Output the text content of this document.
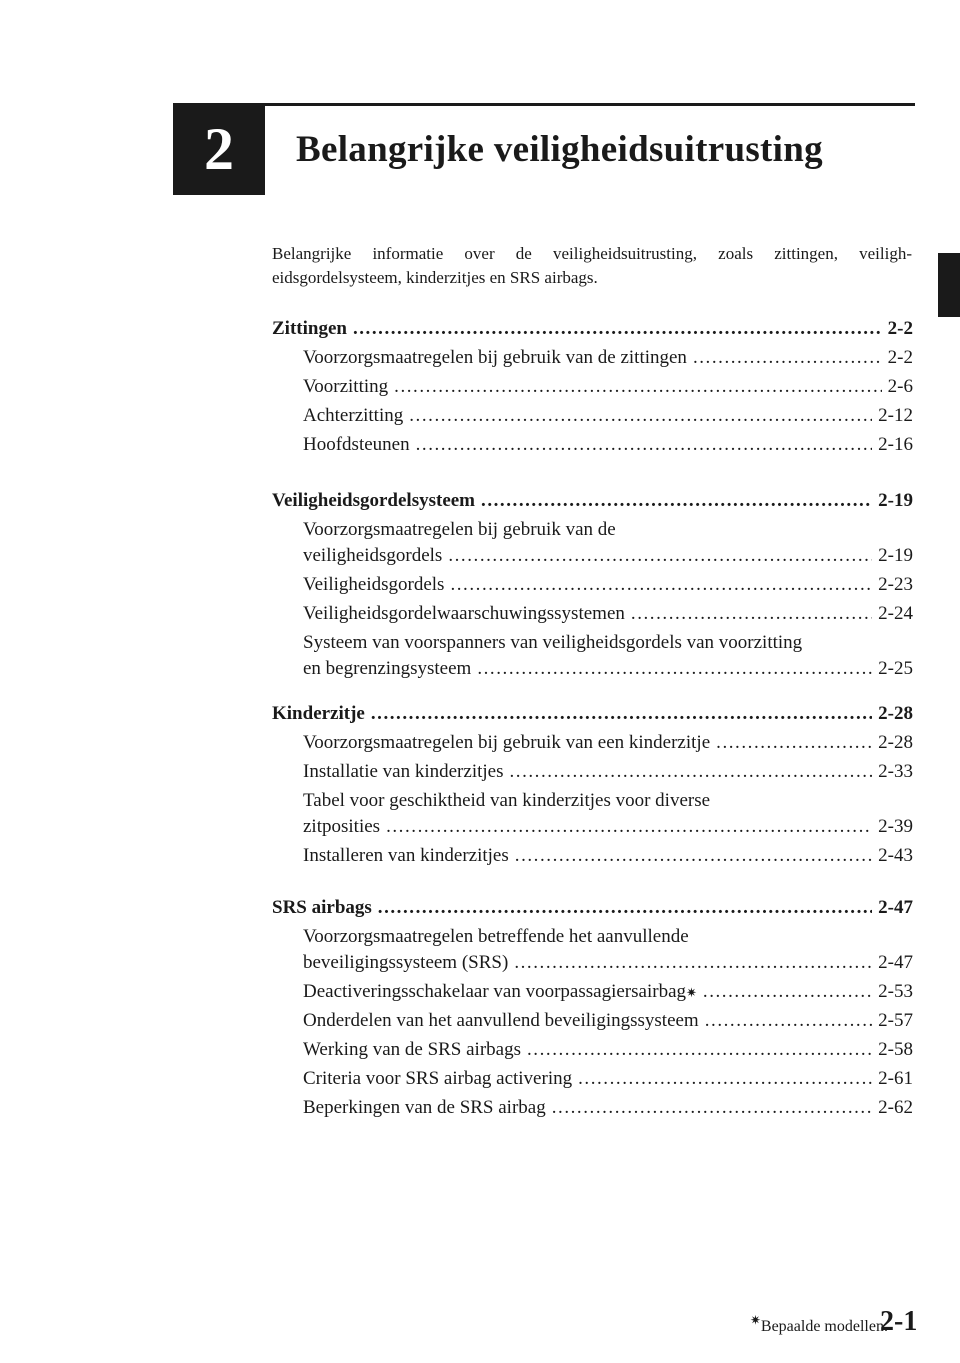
2 Belangrijke veiligheidsuitrusting
Belangrijke informatie over de veiligheidsuitrusting, zoals zittingen, veiligh-eidsgordelsysteem, kinderzitjes en SRS airbags.
Zittingen . . .	2-2
Voorzorgsmaatregelen bij gebruik van de zittingen . . .	2-2
Voorzitting . . .	2-6
Achterzitting . . .	2-12
Hoofdsteunen . . .	2-16
Veiligheidsgordelsysteem . . .	2-19
Voorzorgsmaatregelen bij gebruik van de
veiligheidsgordels . . .	2-19
Veiligheidsgordels . . .	2-23
Veiligheidsgordelwaarschuwingssystemen . . .	2-24
Systeem van voorspanners van veiligheidsgordels van voorzitting
en begrenzingsysteem . . .	2-25
Kinderzitje . . .	2-28
Voorzorgsmaatregelen bij gebruik van een kinderzitje . . .	2-28
Installatie van kinderzitjes . . .	2-33
Tabel voor geschiktheid van kinderzitjes voor diverse
zitposities . . .	2-39
Installeren van kinderzitjes . . .	2-43
SRS airbags . . .	2-47
Voorzorgsmaatregelen betreffende het aanvullende
beveiligingssysteem (SRS) . . .	2-47
Deactiveringsschakelaar van voorpassagiersairbag ✷ . . .	2-53
Onderdelen van het aanvullend beveiligingssysteem . . .	2-57
Werking van de SRS airbags . . .	2-58
Criteria voor SRS airbag activering . . .	2-61
Beperkingen van de SRS airbag . . .	2-62
✷Bepaalde modellen.
2-1
